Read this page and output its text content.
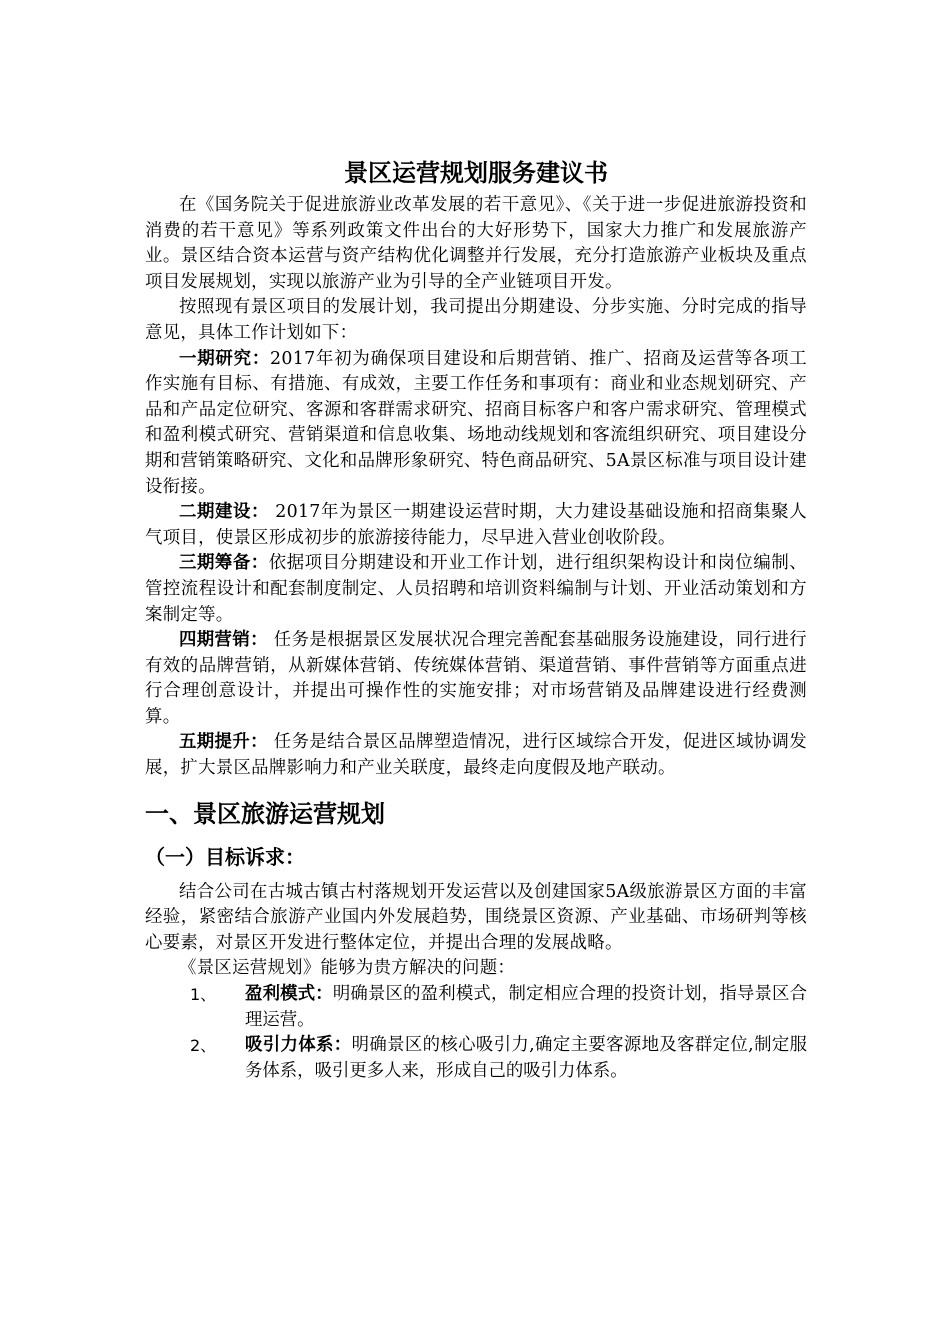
景区运营规划服务建议书

在《国务院关于促进旅游业改革发展的若干意见》、《关于进一步促进旅游投资和消费的若干意见》等系列政策文件出台的大好形势下，国家大力推广和发展旅游产业。景区结合资本运营与资产结构优化调整并行发展，充分打造旅游产业板块及重点项目发展规划，实现以旅游产业为引导的全产业链项目开发。

按照现有景区项目的发展计划，我司提出分期建设、分步实施、分时完成的指导意见，具体工作计划如下：

一期研究：2017年初为确保项目建设和后期营销、推广、招商及运营等各项工作实施有目标、有措施、有成效，主要工作任务和事项有：商业和业态规划研究、产品和产品定位研究、客源和客群需求研究、招商目标客户和客户需求研究、管理模式和盈利模式研究、营销渠道和信息收集、场地动线规划和客流组织研究、项目建设分期和营销策略研究、文化和品牌形象研究、特色商品研究、5A景区标准与项目设计建设衔接。

二期建设： 2017年为景区一期建设运营时期，大力建设基础设施和招商集聚人气项目，使景区形成初步的旅游接待能力，尽早进入营业创收阶段。

三期筹备：依据项目分期建设和开业工作计划，进行组织架构设计和岗位编制、管控流程设计和配套制度制定、人员招聘和培训资料编制与计划、开业活动策划和方案制定等。

四期营销： 任务是根据景区发展状况合理完善配套基础服务设施建设，同行进行有效的品牌营销，从新媒体营销、传统媒体营销、渠道营销、事件营销等方面重点进行合理创意设计，并提出可操作性的实施安排；对市场营销及品牌建设进行经费测算。

五期提升： 任务是结合景区品牌塑造情况，进行区域综合开发，促进区域协调发展，扩大景区品牌影响力和产业关联度，最终走向度假及地产联动。

一、景区旅游运营规划
（一）目标诉求：

结合公司在古城古镇古村落规划开发运营以及创建国家5A级旅游景区方面的丰富经验，紧密结合旅游产业国内外发展趋势，围绕景区资源、产业基础、市场研判等核心要素，对景区开发进行整体定位，并提出合理的发展战略。

《景区运营规划》能够为贵方解决的问题：

1、 盈利模式：明确景区的盈利模式，制定相应合理的投资计划，指导景区合理运营。
2、 吸引力体系：明确景区的核心吸引力,确定主要客源地及客群定位,制定服务体系，吸引更多人来，形成自己的吸引力体系。
